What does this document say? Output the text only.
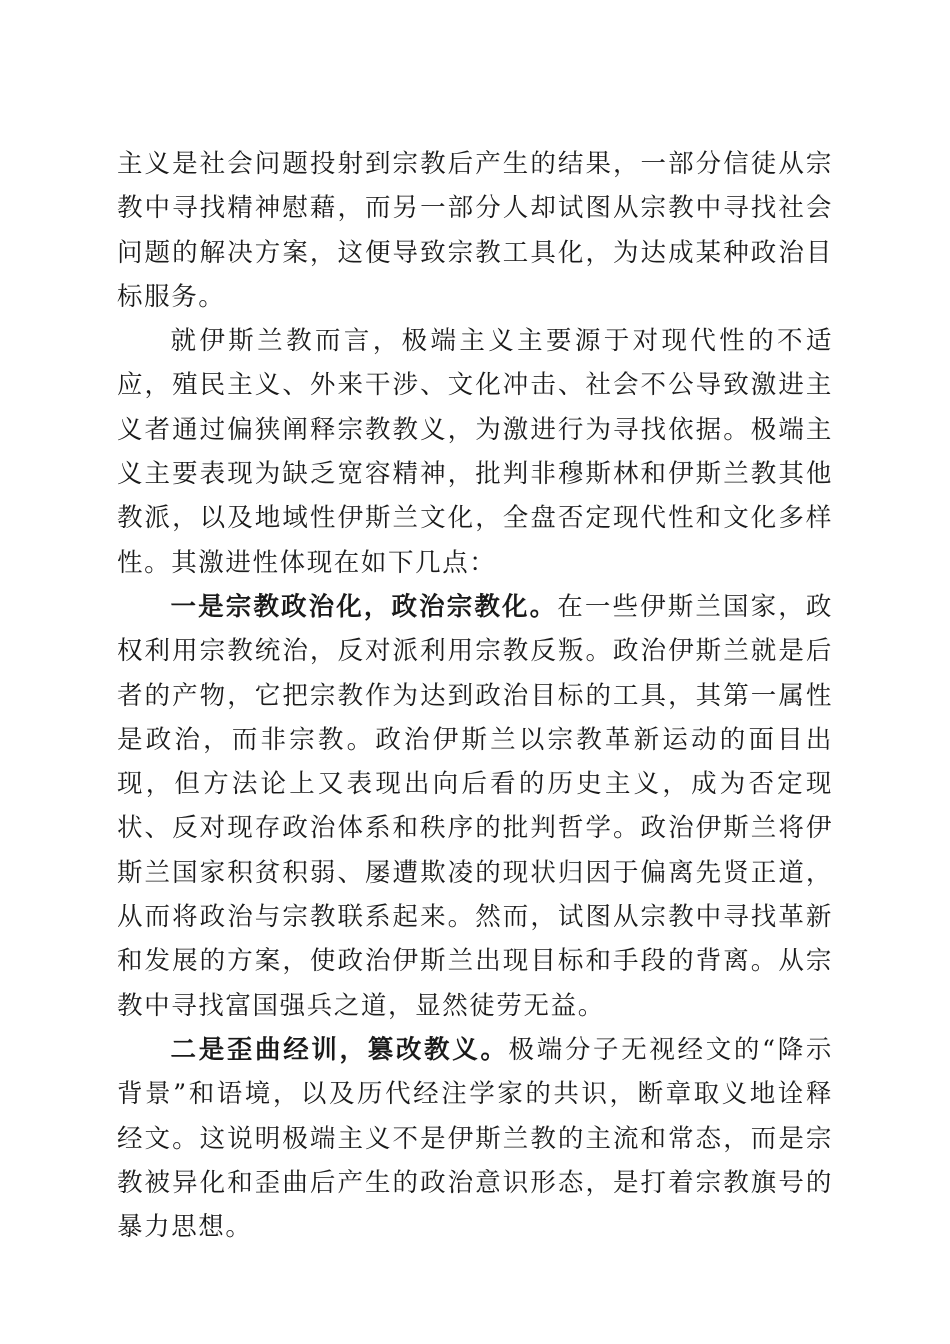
主义是社会问题投射到宗教后产生的结果，一部分信徒从宗教中寻找精神慰藉，而另一部分人却试图从宗教中寻找社会问题的解决方案，这便导致宗教工具化，为达成某种政治目标服务。

就伊斯兰教而言，极端主义主要源于对现代性的不适应，殖民主义、外来干涉、文化冲击、社会不公导致激进主义者通过偏狭阐释宗教教义，为激进行为寻找依据。极端主义主要表现为缺乏宽容精神，批判非穆斯林和伊斯兰教其他教派，以及地域性伊斯兰文化，全盘否定现代性和文化多样性。其激进性体现在如下几点：

一是宗教政治化，政治宗教化。在一些伊斯兰国家，政权利用宗教统治，反对派利用宗教反叛。政治伊斯兰就是后者的产物，它把宗教作为达到政治目标的工具，其第一属性是政治，而非宗教。政治伊斯兰以宗教革新运动的面目出现，但方法论上又表现出向后看的历史主义，成为否定现状、反对现存政治体系和秩序的批判哲学。政治伊斯兰将伊斯兰国家积贫积弱、屡遭欺凌的现状归因于偏离先贤正道，从而将政治与宗教联系起来。然而，试图从宗教中寻找革新和发展的方案，使政治伊斯兰出现目标和手段的背离。从宗教中寻找富国强兵之道，显然徒劳无益。

二是歪曲经训，篡改教义。极端分子无视经文的“降示背景”和语境，以及历代经注学家的共识，断章取义地诠释经文。这说明极端主义不是伊斯兰教的主流和常态，而是宗教被异化和歪曲后产生的政治意识形态，是打着宗教旗号的暴力思想。
